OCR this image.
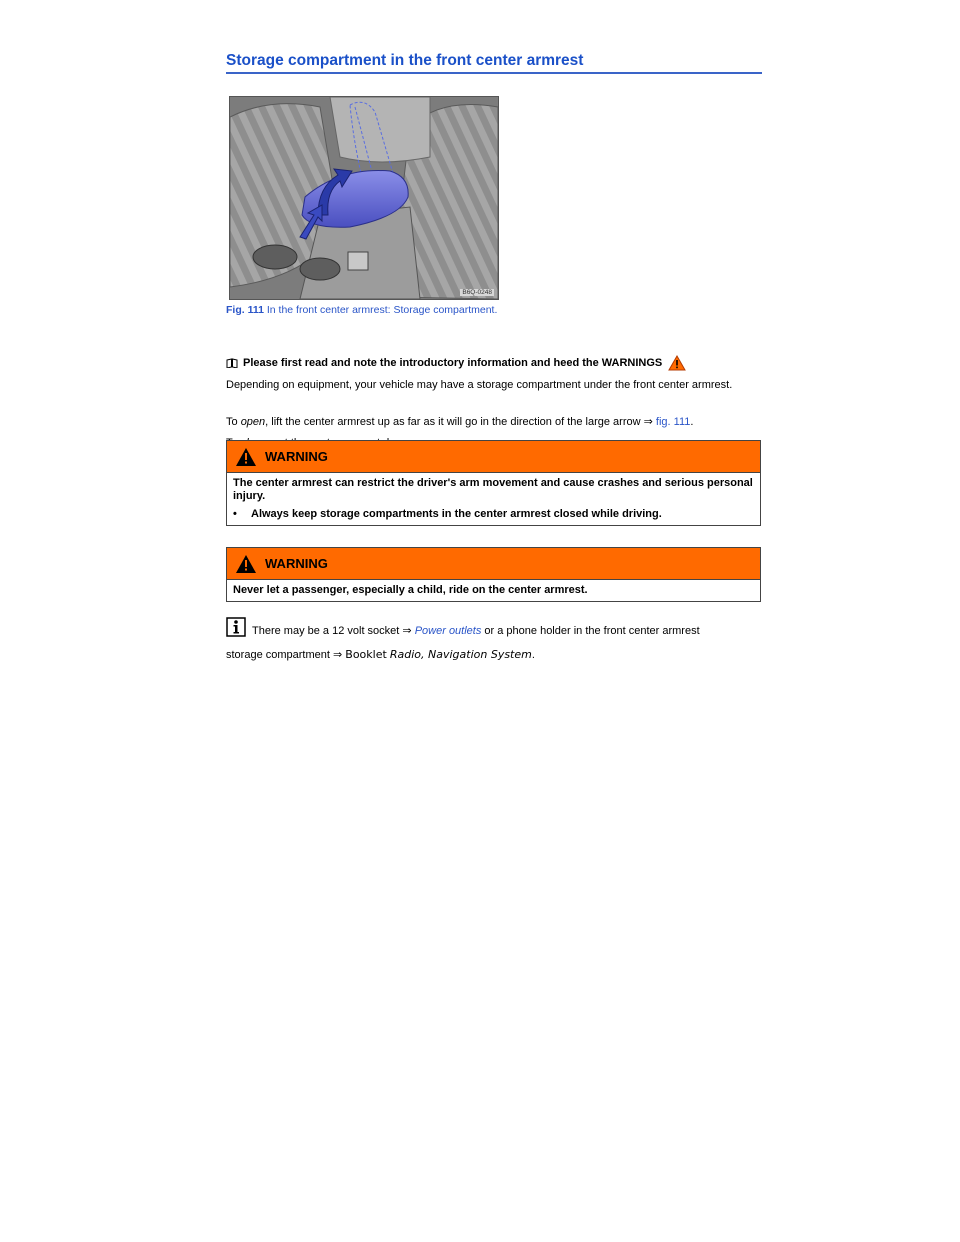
Storage compartment in the front center armrest
B6Q-0248
Fig. 111 In the front center armrest: Storage compartment.
Please first read and note the introductory information and heed the WARNINGS
Depending on equipment, your vehicle may have a storage compartment under the front center armrest.
To open, lift the center armrest up as far as it will go in the direction of the large arrow ⇒ fig. 111.
WARNING
The center armrest can restrict the driver's arm movement and cause crashes and serious personal injury.
•	Always keep storage compartments in the center armrest closed while driving.
WARNING
Never let a passenger, especially a child, ride on the center armrest.
There may be a 12 volt socket ⇒ Power outlets or a phone holder in the front center armrest
storage compartment ⇒ Booklet Radio, Navigation System.
